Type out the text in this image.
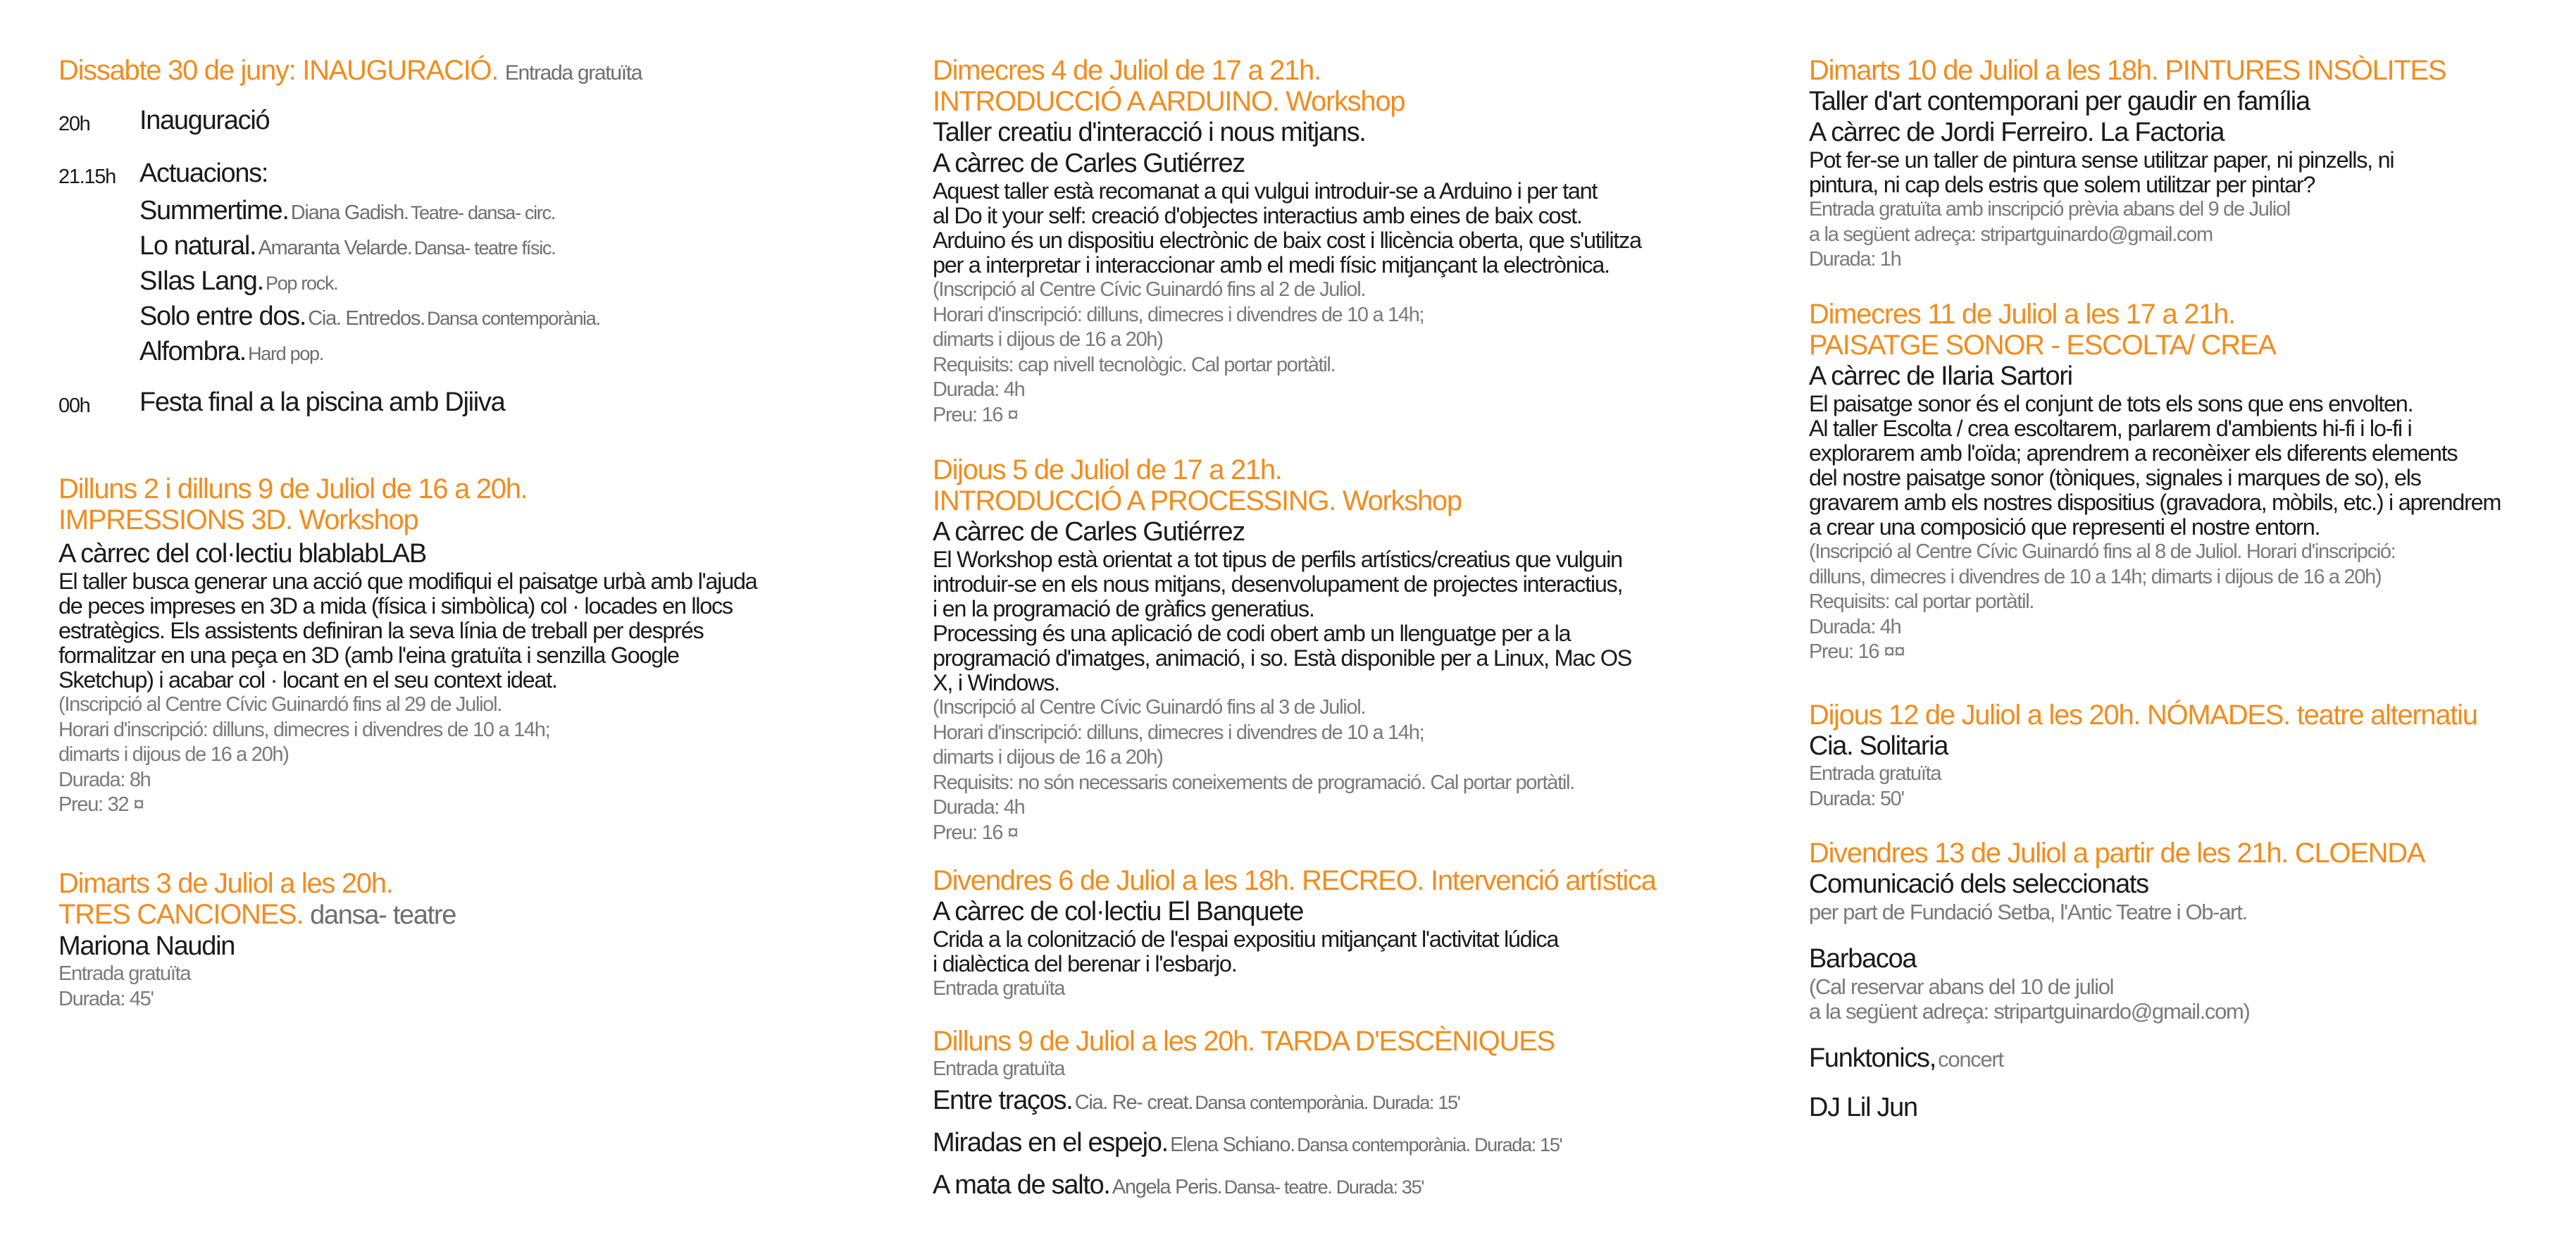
Dissabte 30 de juny: INAUGURACIÓ. Entrada gratuïta
20h	Inauguració
21.15h Actuacions:
Summertime. Diana Gadish. Teatre- dansa- circ.
Lo natural. Amaranta Velarde. Dansa- teatre físic.
SIlas Lang. Pop rock.
Solo entre dos. Cia. Entredos. Dansa contemporània.
Alfombra. Hard pop.
00h	Festa final a la piscina amb Djiiva
Dilluns 2 i dilluns 9 de Juliol de 16 a 20h.
IMPRESSIONS 3D. Workshop
A càrrec del col·lectiu blablabLAB
El taller busca generar una acció que modifiqui el paisatge urbà amb l'ajuda
de peces impreses en 3D a mida (física i simbòlica) col · locades en llocs
estratègics. Els assistents definiran la seva línia de treball per després
formalitzar en una peça en 3D (amb l'eina gratuïta i senzilla Google
Sketchup) i acabar col · locant en el seu context ideat.
(Inscripció al Centre Cívic Guinardó fins al 29 de Juliol.
Horari d'inscripció: dilluns, dimecres i divendres de 10 a 14h;
dimarts i dijous de 16 a 20h)
Durada: 8h
Preu: 32 ¤
Dimarts 3 de Juliol a les 20h.
TRES CANCIONES. dansa- teatre
Mariona Naudin
Entrada gratuïta
Durada: 45'
Dimecres 4 de Juliol de 17 a 21h.
INTRODUCCIÓ A ARDUINO. Workshop
Taller creatiu d'interacció i nous mitjans.
A càrrec de Carles Gutiérrez
Aquest taller està recomanat a qui vulgui introduir-se a Arduino i per tant
al Do it your self: creació d'objectes interactius amb eines de baix cost.
Arduino és un dispositiu electrònic de baix cost i llicència oberta, que s'utilitza
per a interpretar i interaccionar amb el medi físic mitjançant la electrònica.
(Inscripció al Centre Cívic Guinardó fins al 2 de Juliol.
Horari d'inscripció: dilluns, dimecres i divendres de 10 a 14h;
dimarts i dijous de 16 a 20h)
Requisits: cap nivell tecnològic. Cal portar portàtil.
Durada: 4h
Preu: 16 ¤
Dijous 5 de Juliol de 17 a 21h.
INTRODUCCIÓ A PROCESSING. Workshop
A càrrec de Carles Gutiérrez
El Workshop està orientat a tot tipus de perfils artístics/creatius que vulguin
introduir-se en els nous mitjans, desenvolupament de projectes interactius,
i en la programació de gràfics generatius.
Processing és una aplicació de codi obert amb un llenguatge per a la
programació d'imatges, animació, i so. Està disponible per a Linux, Mac OS
X, i Windows.
(Inscripció al Centre Cívic Guinardó fins al 3 de Juliol.
Horari d'inscripció: dilluns, dimecres i divendres de 10 a 14h;
dimarts i dijous de 16 a 20h)
Requisits: no són necessaris coneixements de programació. Cal portar portàtil.
Durada: 4h
Preu: 16 ¤
Divendres 6 de Juliol a les 18h. RECREO. Intervenció artística
A càrrec de col·lectiu El Banquete
Crida a la colonització de l'espai expositiu mitjançant l'activitat lúdica
i dialèctica del berenar i l'esbarjo.
Entrada gratuïta
Dilluns 9 de Juliol a les 20h. TARDA D'ESCÈNIQUES
Entrada gratuïta
Entre traços. Cia. Re- creat. Dansa contemporània. Durada: 15'
Miradas en el espejo. Elena Schiano. Dansa contemporània. Durada: 15'
A mata de salto. Angela Peris. Dansa- teatre. Durada: 35'
Dimarts 10 de Juliol a les 18h. PINTURES INSÒLITES
Taller d'art contemporani per gaudir en família
A càrrec de Jordi Ferreiro. La Factoria
Pot fer-se un taller de pintura sense utilitzar paper, ni pinzells, ni
pintura, ni cap dels estris que solem utilitzar per pintar?
Entrada gratuïta amb inscripció prèvia abans del 9 de Juliol
a la següent adreça: stripartguinardo@gmail.com
Durada: 1h
Dimecres 11 de Juliol a les 17 a 21h.
PAISATGE SONOR - ESCOLTA/ CREA
A càrrec de Ilaria Sartori
El paisatge sonor és el conjunt de tots els sons que ens envolten.
Al taller Escolta / crea escoltarem, parlarem d'ambients hi-fi i lo-fi i
explorarem amb l'oïda; aprendrem a reconèixer els diferents elements
del nostre paisatge sonor (tòniques, signales i marques de so), els
gravarem amb els nostres dispositius (gravadora, mòbils, etc.) i aprendrem
a crear una composició que representi el nostre entorn.
(Inscripció al Centre Cívic Guinardó fins al 8 de Juliol. Horari d'inscripció:
dilluns, dimecres i divendres de 10 a 14h; dimarts i dijous de 16 a 20h)
Requisits: cal portar portàtil.
Durada: 4h
Preu: 16 ¤¤
Dijous 12 de Juliol a les 20h. NÓMADES. teatre alternatiu
Cia. Solitaria
Entrada gratuïta
Durada: 50'
Divendres 13 de Juliol a partir de les 21h. CLOENDA
Comunicació dels seleccionats
per part de Fundació Setba, l'Antic Teatre i Ob-art.
Barbacoa
(Cal reservar abans del 10 de juliol
a la següent adreça: stripartguinardo@gmail.com)
Funktonics, concert
DJ Lil Jun
